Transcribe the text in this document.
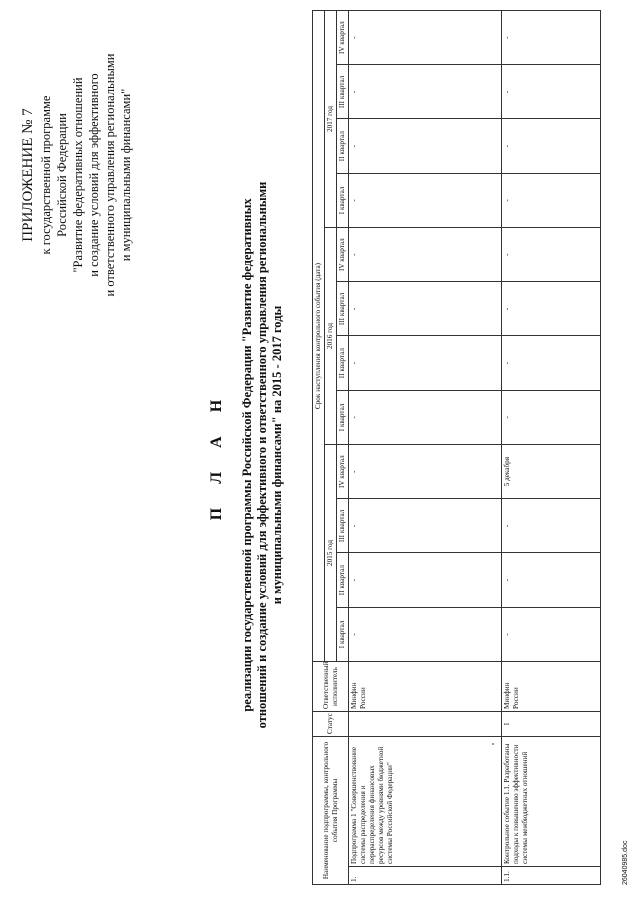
ПРИЛОЖЕНИЕ № 7 к государственной программе Российской Федерации "Развитие федеративных отношений и создание условий для эффективного и ответственного управления региональными и муниципальными финансами"
П Л А Н реализации государственной программы Российской Федерации "Развитие федеративных отношений и создание условий для эффективного и ответственного управления региональными и муниципальными финансами" на 2015 - 2017 годы
Наименование подпрограммы, контрольного события Программы		Статус	Ответственный исполнитель	Срок наступления контрольного события (дата)											
				2015 год				2016 год				2017 год			
				I квартал	II квартал	III квартал	IV квартал	I квартал	II квартал	III квартал	IV квартал	I квартал	II квартал	III квартал	IV квартал
1.	Подпрограмма 1 "Совершенствование системы распределения и перераспределения финансовых ресурсов между уровнями бюджетной системы Российской Федерации"		Минфин России	-	-	-	-	-	-	-	-	-	-	-	-
1.1.	Контрольное событие 1.1. Разработаны подходы к повышению эффективности системы межбюджетных отношений	I	Минфин России	-	-	-	5 декабря	-	-	-	-	-	-	-	-
26040985.doc
